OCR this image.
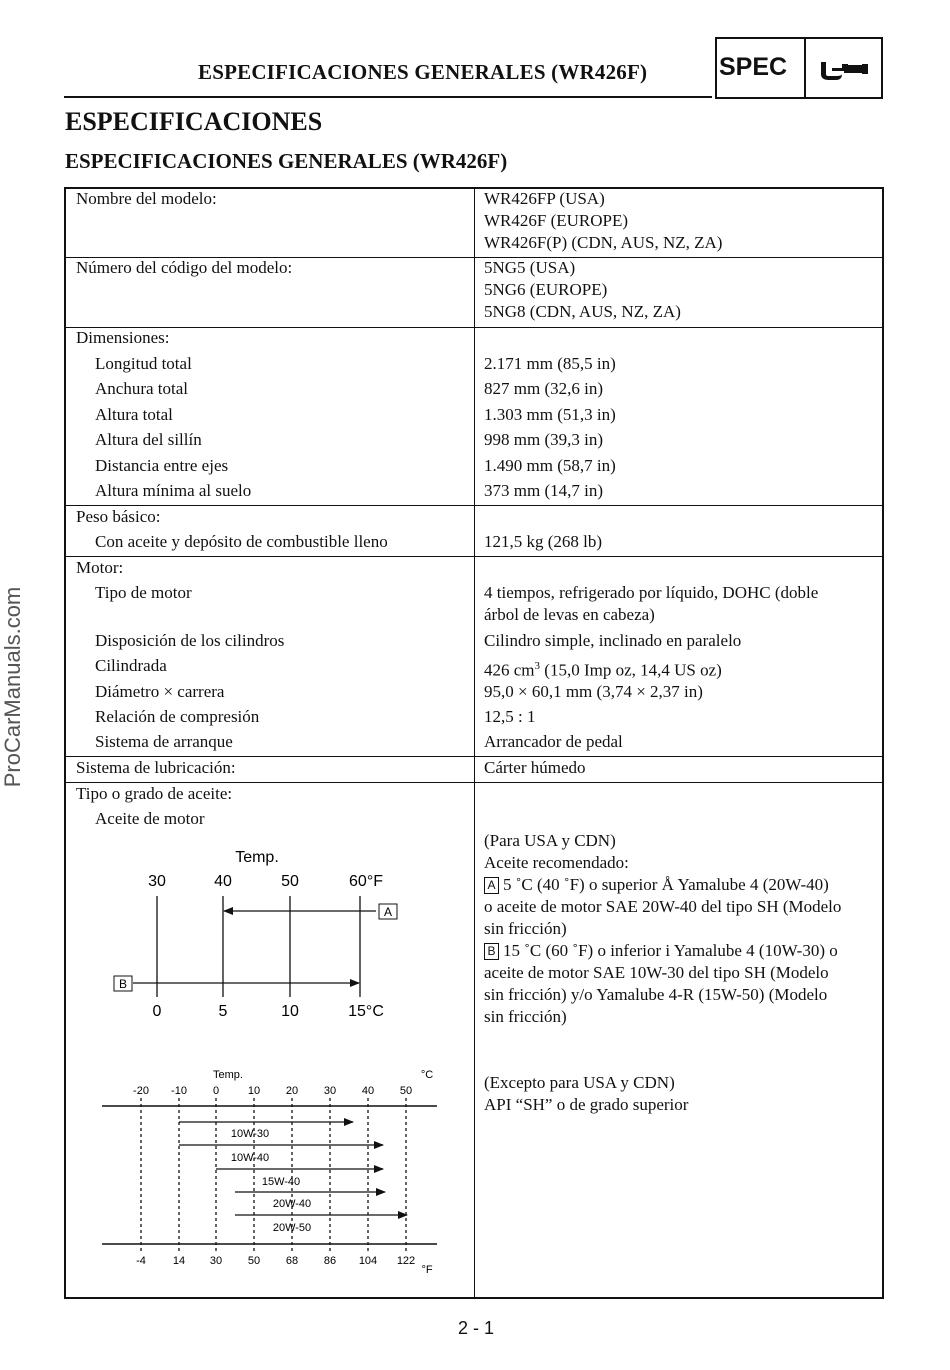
ProCarManuals.com
ESPECIFICACIONES GENERALES (WR426F)	SPEC
ESPECIFICACIONES
ESPECIFICACIONES GENERALES (WR426F)
Nombre del modelo:	WR426FP (USA)
WR426F (EUROPE)
WR426F(P) (CDN, AUS, NZ, ZA)
Número del código del modelo:	5NG5 (USA)
5NG6 (EUROPE)
5NG8 (CDN, AUS, NZ, ZA)
Dimensiones:
Longitud total	2.171 mm (85,5 in)
Anchura total	827 mm (32,6 in)
Altura total	1.303 mm (51,3 in)
Altura del sillín	998 mm (39,3 in)
Distancia entre ejes	1.490 mm (58,7 in)
Altura mínima al suelo	373 mm (14,7 in)
Peso básico:
Con aceite y depósito de combustible lleno	121,5 kg (268 lb)
Motor:
Tipo de motor	4 tiempos, refrigerado por líquido, DOHC (doble
árbol de levas en cabeza)
Disposición de los cilindros	Cilindro simple, inclinado en paralelo
Cilindrada	426 $cm^3$ (15,0 Imp oz, 14,4 US oz)
Diámetro × carrera	95,0 × 60,1 mm (3,74 × 2,37 in)
Relación de compresión	12,5 : 1
Sistema de arranque	Arrancador de pedal
Sistema de lubricación:	Cárter húmedo
Tipo o grado de aceite:
Aceite de motor
(Para USA y CDN)
Aceite recomendado:
A 5 ˚C (40 ˚F) o superior Å Yamalube 4 (20W-40)
o aceite de motor SAE 20W-40 del tipo SH (Modelo
sin fricción)
B 15 ˚C (60 ˚F) o inferior i Yamalube 4 (10W-30) o
aceite de motor SAE 10W-30 del tipo SH (Modelo
sin fricción) y/o Yamalube 4-R (15W-50) (Modelo
sin fricción)
(Excepto para USA y CDN)
API “SH” o de grado superior
Temp.
30	40	50	60°F
A
B
0	5	10	15°C
Temp.	°C
-20 -10 0	10 20 30 40 50
10W-30
10W-40
15W-40
20W-40
20W-50
-4 14 30 50 68 86 104 122
°F
2 - 1
